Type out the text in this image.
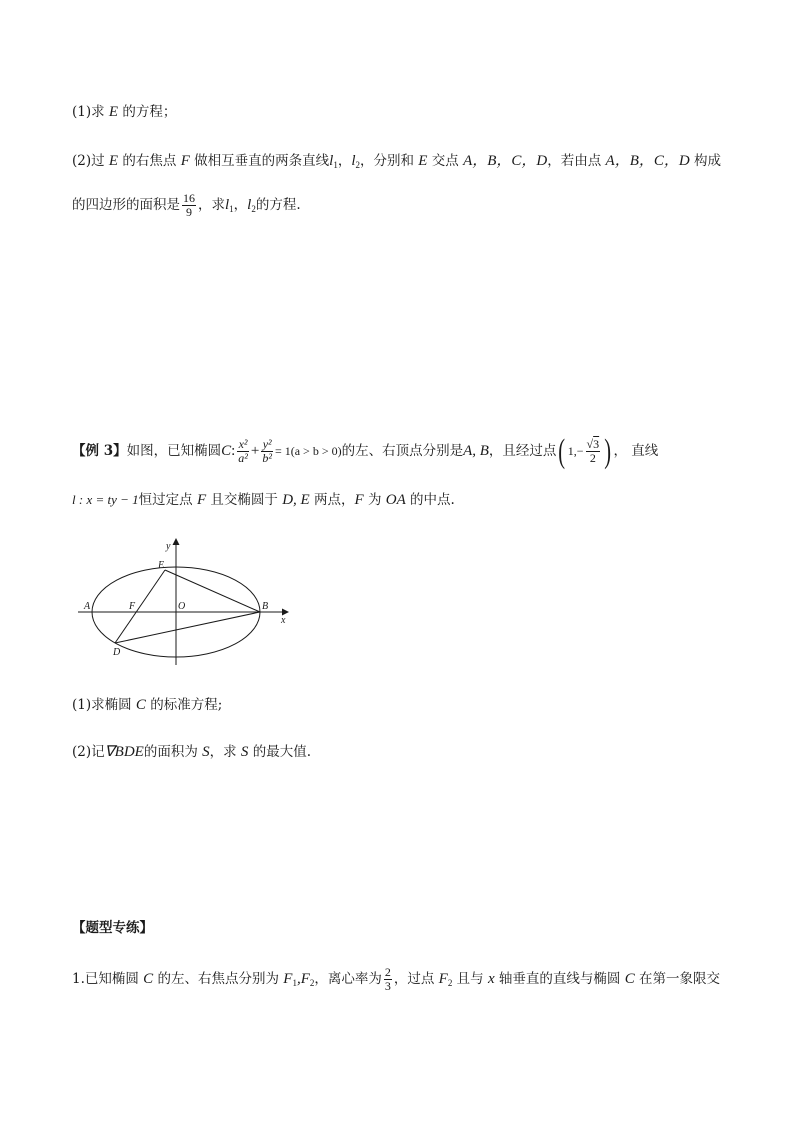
(1)求 E 的方程；
(2)过 E 的右焦点 F 做相互垂直的两条直线$l_1$，$l_2$，分别和 E 交点 A，B，C，D，若由点 A，B，C，D 构成
的四边形的面积是 $\frac{16}{9}$ ，求$l_1$，$l_2$的方程.
【例 3】如图，已知椭圆C: $\frac{\text{x²}}{\text{a²}} + \frac{\text{y²}}{\text{b²}} = 1(a > b > 0)$的左、右顶点分别是A, B，且经过点( $1,- \frac{√3}{2}$ ) ， 直线
l : x = ty − 1恒过定点 F 且交椭圆于 D, E 两点，F 为 OA 的中点.
y
x
A	F	O	B
E
D
(1)求椭圆 C 的标准方程;
(2)记∇BDE的面积为 S，求 S 的最大值.
【题型专练】
1.已知椭圆 C 的左、右焦点分别为 $F_1,F_2$，离心率为 $\frac{2}{3}$ ，过点 $F_2$ 且与 x 轴垂直的直线与椭圆 C 在第一象限交
